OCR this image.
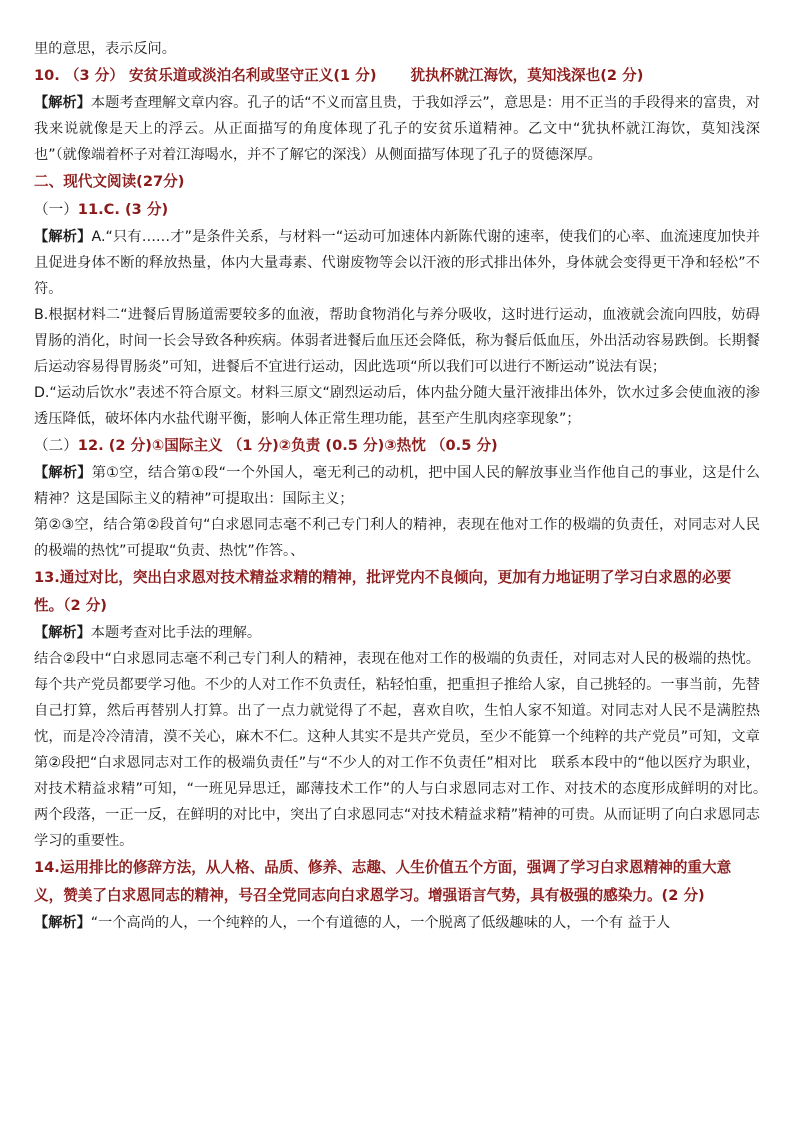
里的意思，表示反问。

10. （3 分） 安贫乐道或淡泊名利或坚守正义(1 分) 犹执杯就江海饮，莫知浅深也(2 分)

【解析】本题考查理解文章内容。孔子的话“不义而富且贵，于我如浮云”，意思是：用不正当的手段得来的富贵，对我来说就像是天上的浮云。从正面描写的角度体现了孔子的安贫乐道精神。乙文中“犹执杯就江海饮，莫知浅深也”（就像端着杯子对着江海喝水，并不了解它的深浅）从侧面描写体现了孔子的贤德深厚。

二、现代文阅读(27分)

（一）11.C. (3 分)

【解析】A.“只有……才”是条件关系，与材料一“运动可加速体内新陈代谢的速率，使我们的心率、血流速度加快并且促进身体不断的释放热量，体内大量毒素、代谢废物等会以汗液的形式排出体外，身体就会变得更干净和轻松”不符。

B.根据材料二“进餐后胃肠道需要较多的血液，帮助食物消化与养分吸收，这时进行运动，血液就会流向四肢，妨碍胃肠的消化，时间一长会导致各种疾病。体弱者进餐后血压还会降低，称为餐后低血压，外出活动容易跌倒。长期餐后运动容易得胃肠炎”可知，进餐后不宜进行运动，因此选项“所以我们可以进行不断运动”说法有误；

D.“运动后饮水”表述不符合原文。材料三原文“剧烈运动后，体内盐分随大量汗液排出体外，饮水过多会使血液的渗透压降低，破坏体内水盐代谢平衡，影响人体正常生理功能，甚至产生肌肉痉挛现象”；

（二）12. (2 分)①国际主义 （1 分)②负责 (0.5 分)③热忱 （0.5 分)

【解析】第①空，结合第①段“一个外国人，毫无利己的动机，把中国人民的解放事业当作他自己的事业，这是什么精神？这是国际主义的精神”可提取出：国际主义；

第②③空，结合第②段首句“白求恩同志毫不利己专门利人的精神，表现在他对工作的极端的负责任，对同志对人民的极端的热忱”可提取“负责、热忱”作答。、

13.通过对比，突出白求恩对技术精益求精的精神，批评党内不良倾向，更加有力地证明了学习白求恩的必要性。（2 分)

【解析】本题考查对比手法的理解。

结合②段中“白求恩同志毫不利己专门利人的精神，表现在他对工作的极端的负责任，对同志对人民的极端的热忱。每个共产党员都要学习他。不少的人对工作不负责任，粘轻怕重，把重担子推给人家，自己挑轻的。一事当前，先替自己打算，然后再替别人打算。出了一点力就觉得了不起，喜欢自吹，生怕人家不知道。对同志对人民不是满腔热忱，而是冷冷清清，漠不关心，麻木不仁。这种人其实不是共产党员，至少不能算一个纯粹的共产党员”可知，文章第②段把“白求恩同志对工作的极端负责任”与“不少人的对工作不负责任”相对比　联系本段中的“他以医疗为职业，对技术精益求精”可知，“一班见异思迁，鄙薄技术工作”的人与白求恩同志对工作、对技术的态度形成鲜明的对比。　两个段落，一正一反，在鲜明的对比中，突出了白求恩同志“对技术精益求精”精神的可贵。从而证明了向白求恩同志学习的重要性。

14.运用排比的修辞方法，从人格、品质、修养、志趣、人生价值五个方面，强调了学习白求恩精神的重大意义，赞美了白求恩同志的精神，号召全党同志向白求恩学习。增强语言气势，具有极强的感染力。(2 分)

【解析】“一个高尚的人，一个纯粹的人，一个有道德的人，一个脱离了低级趣味的人，一个有 益于人
